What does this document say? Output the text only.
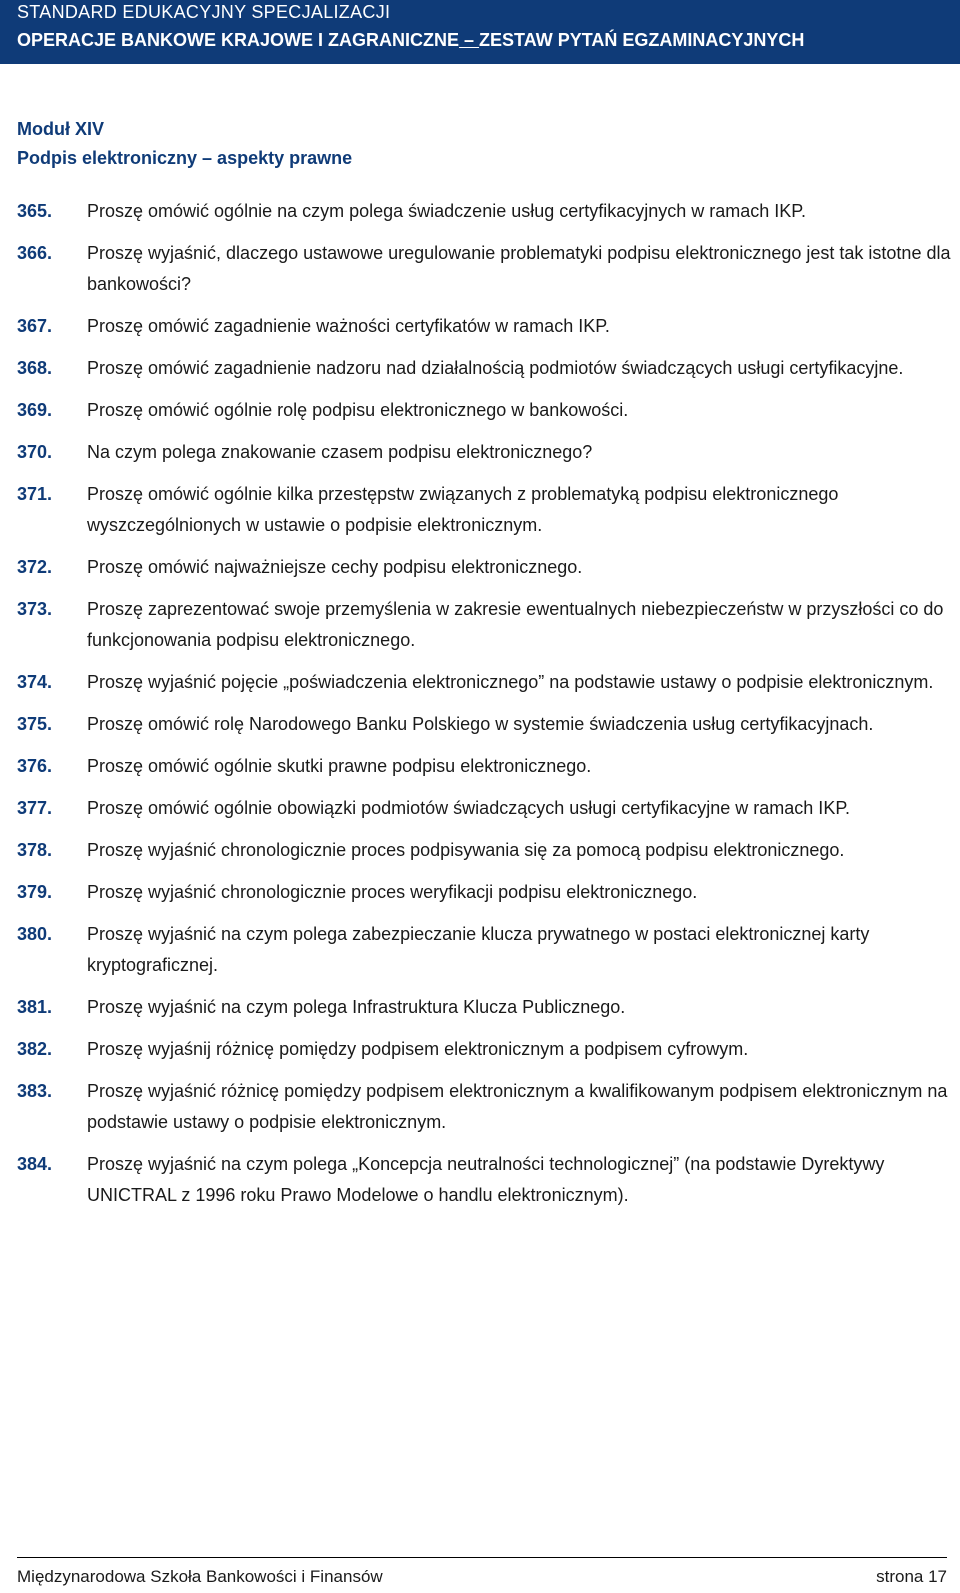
STANDARD EDUKACYJNY SPECJALIZACJI
OPERACJE BANKOWE KRAJOWE I ZAGRANICZNE – ZESTAW PYTAŃ EGZAMINACYJNYCH
Moduł XIV
Podpis elektroniczny – aspekty prawne
365. Proszę omówić ogólnie na czym polega świadczenie usług certyfikacyjnych w ramach IKP.
366. Proszę wyjaśnić, dlaczego ustawowe uregulowanie problematyki podpisu elektronicznego jest tak istotne dla bankowości?
367. Proszę omówić zagadnienie ważności certyfikatów w ramach IKP.
368. Proszę omówić zagadnienie nadzoru nad działalnością podmiotów świadczących usługi certyfikacyjne.
369. Proszę omówić ogólnie rolę podpisu elektronicznego w bankowości.
370. Na czym polega znakowanie czasem podpisu elektronicznego?
371. Proszę omówić ogólnie kilka przestępstw związanych z problematyką podpisu elektronicznego wyszczególnionych w ustawie o podpisie elektronicznym.
372. Proszę omówić najważniejsze cechy podpisu elektronicznego.
373. Proszę zaprezentować swoje przemyślenia w zakresie ewentualnych niebezpieczeństw w przyszłości co do funkcjonowania podpisu elektronicznego.
374. Proszę wyjaśnić pojęcie „poświadczenia elektronicznego” na podstawie ustawy o podpisie elektronicznym.
375. Proszę omówić rolę Narodowego Banku Polskiego w systemie świadczenia usług certyfikacyjnach.
376. Proszę omówić ogólnie skutki prawne podpisu elektronicznego.
377. Proszę omówić ogólnie obowiązki podmiotów świadczących usługi certyfikacyjne w ramach IKP.
378. Proszę wyjaśnić chronologicznie proces podpisywania się za pomocą podpisu elektronicznego.
379. Proszę wyjaśnić chronologicznie proces weryfikacji podpisu elektronicznego.
380. Proszę wyjaśnić na czym polega zabezpieczanie klucza prywatnego w postaci elektronicznej karty kryptograficznej.
381. Proszę wyjaśnić na czym polega Infrastruktura Klucza Publicznego.
382. Proszę wyjaśnij różnicę pomiędzy podpisem elektronicznym a podpisem cyfrowym.
383. Proszę wyjaśnić różnicę pomiędzy podpisem elektronicznym a kwalifikowanym podpisem elektronicznym na podstawie ustawy o podpisie elektronicznym.
384. Proszę wyjaśnić na czym polega „Koncepcja neutralności technologicznej” (na podstawie Dyrektywy UNICTRAL z 1996 roku Prawo Modelowe o handlu elektronicznym).
Międzynarodowa Szkoła Bankowości i Finansów	strona 17
